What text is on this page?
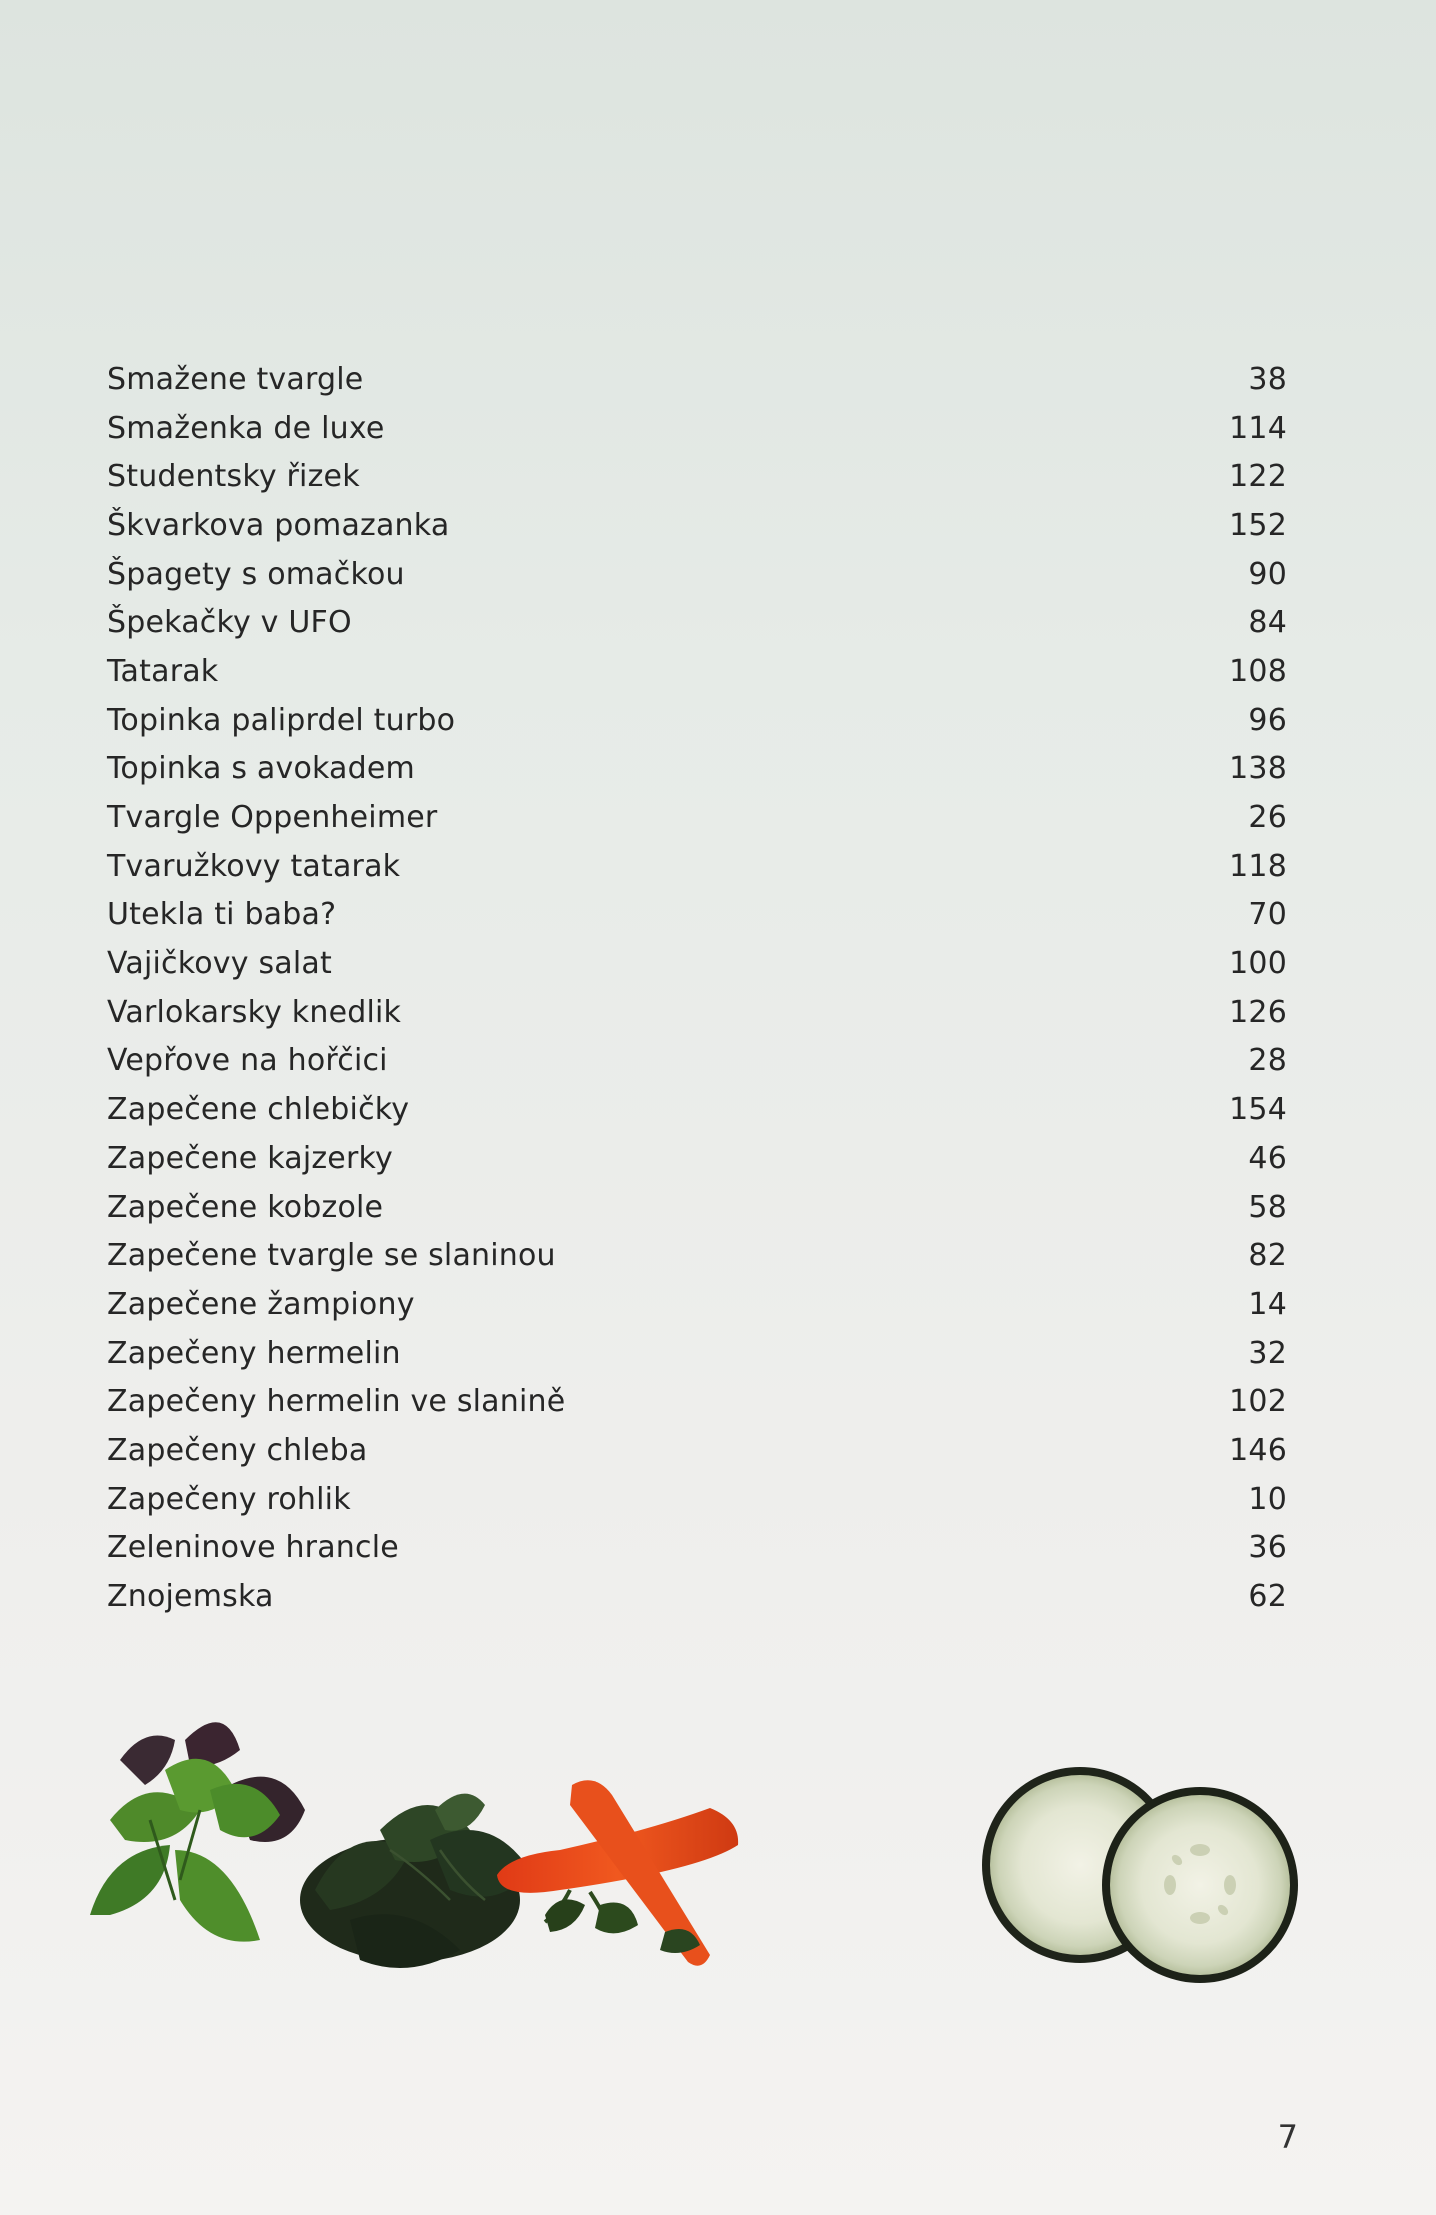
Smažene tvargle	38
Smaženka de luxe	114
Studentsky řizek	122
Škvarkova pomazanka	152
Špagety s omačkou	90
Špekačky v UFO	84
Tatarak	108
Topinka paliprdel turbo	96
Topinka s avokadem	138
Tvargle Oppenheimer	26
Tvaružkovy tatarak	118
Utekla ti baba?	70
Vajičkovy salat	100
Varlokarsky knedlik	126
Vepřove na hořčici	28
Zapečene chlebičky	154
Zapečene kajzerky	46
Zapečene kobzole	58
Zapečene tvargle se slaninou	82
Zapečene žampiony	14
Zapečeny hermelin	32
Zapečeny hermelin ve slanině	102
Zapečeny chleba	146
Zapečeny rohlik	10
Zeleninove hrancle	36
Znojemska	62
7
